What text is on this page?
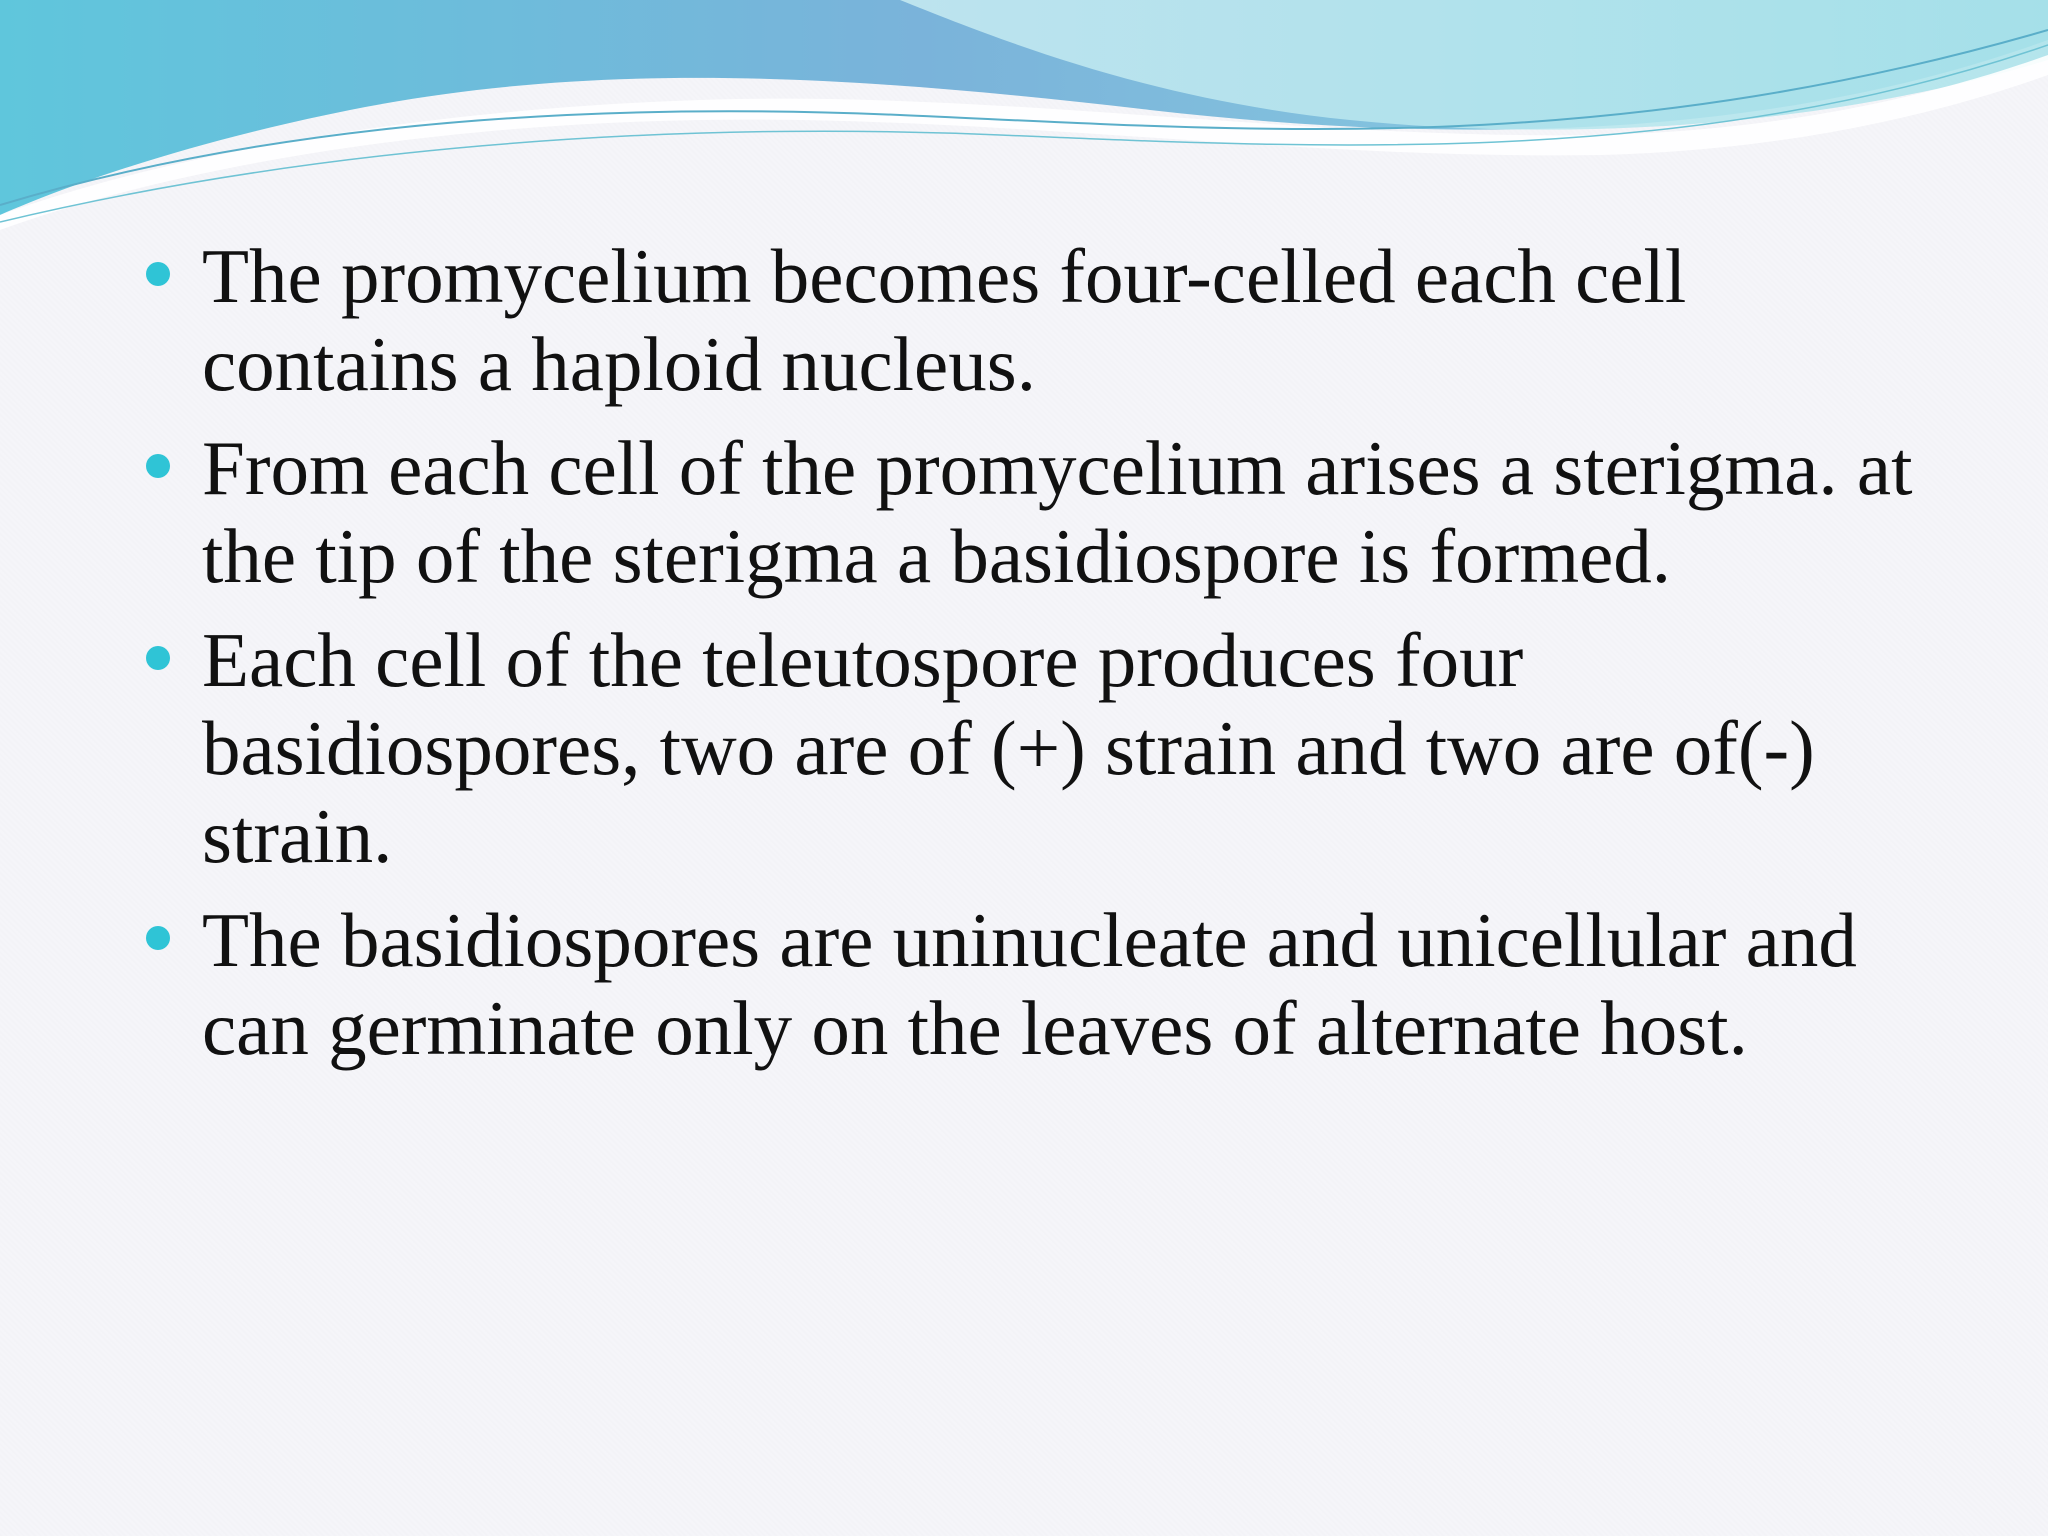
The promycelium becomes four-celled each cell contains a haploid nucleus.
From each cell of the promycelium arises a sterigma. at the tip of the sterigma a basidiospore is formed.
Each cell of the teleutospore produces four basidiospores, two are of (+) strain and two are of(-) strain.
The basidiospores are uninucleate and unicellular and can germinate only on the leaves of alternate host.
